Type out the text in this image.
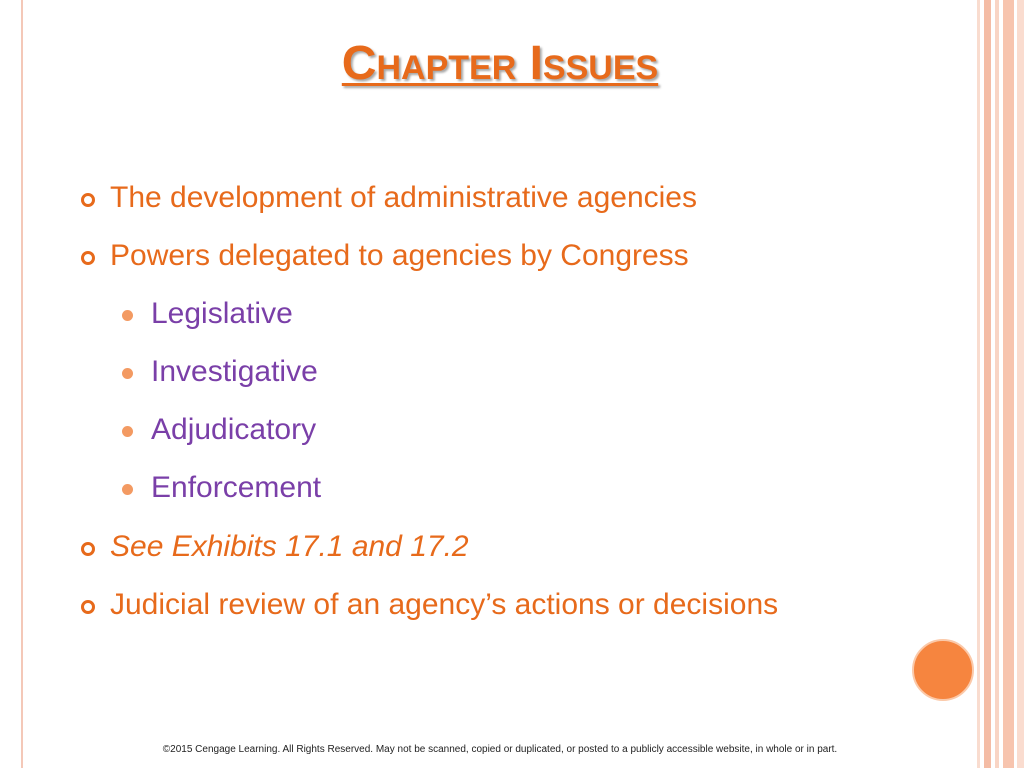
Chapter Issues
The development of administrative agencies
Powers delegated to agencies by Congress
Legislative
Investigative
Adjudicatory
Enforcement
See Exhibits 17.1 and 17.2
Judicial review of an agency’s actions or decisions
©2015 Cengage Learning. All Rights Reserved. May not be scanned, copied or duplicated, or posted to a publicly accessible website, in whole or in part.
